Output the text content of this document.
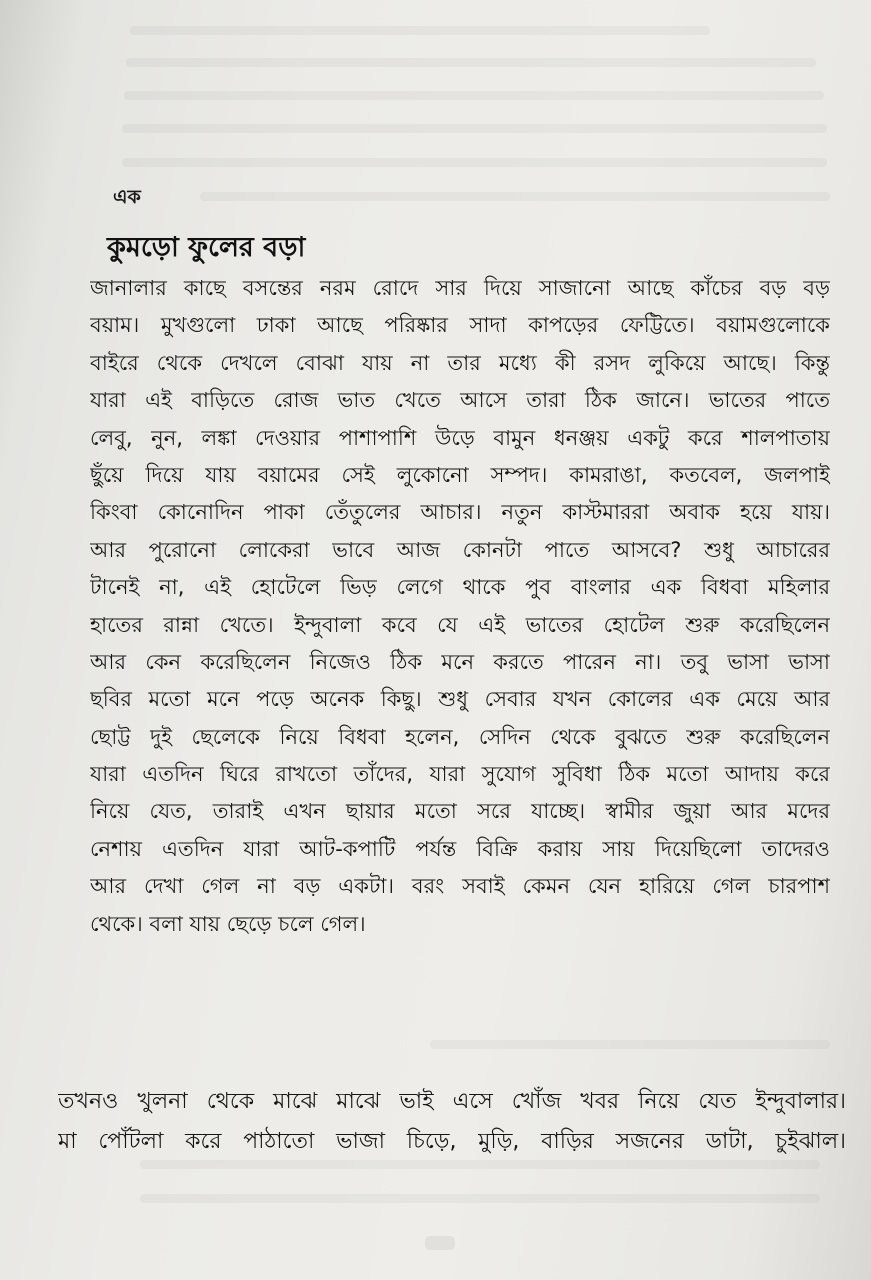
এক
কুমড়ো ফুলের বড়া
জানালার কাছে বসন্তের নরম রোদে সার দিয়ে সাজানো আছে কাঁচের বড় বড়
বয়াম। মুখগুলো ঢাকা আছে পরিষ্কার সাদা কাপড়ের ফেট্টিতে। বয়ামগুলোকে
বাইরে থেকে দেখলে বোঝা যায় না তার মধ্যে কী রসদ লুকিয়ে আছে। কিন্তু
যারা এই বাড়িতে রোজ ভাত খেতে আসে তারা ঠিক জানে। ভাতের পাতে
লেবু, নুন, লঙ্কা দেওয়ার পাশাপাশি উড়ে বামুন ধনঞ্জয় একটু করে শালপাতায়
ছুঁয়ে দিয়ে যায় বয়ামের সেই লুকোনো সম্পদ। কামরাঙা, কতবেল, জলপাই
কিংবা কোনোদিন পাকা তেঁতুলের আচার। নতুন কাস্টমাররা অবাক হয়ে যায়।
আর পুরোনো লোকেরা ভাবে আজ কোনটা পাতে আসবে? শুধু আচারের
টানেই না, এই হোটেলে ভিড় লেগে থাকে পুব বাংলার এক বিধবা মহিলার
হাতের রান্না খেতে। ইন্দুবালা কবে যে এই ভাতের হোটেল শুরু করেছিলেন
আর কেন করেছিলেন নিজেও ঠিক মনে করতে পারেন না। তবু ভাসা ভাসা
ছবির মতো মনে পড়ে অনেক কিছু। শুধু সেবার যখন কোলের এক মেয়ে আর
ছোট্ট দুই ছেলেকে নিয়ে বিধবা হলেন, সেদিন থেকে বুঝতে শুরু করেছিলেন
যারা এতদিন ঘিরে রাখতো তাঁদের, যারা সুযোগ সুবিধা ঠিক মতো আদায় করে
নিয়ে যেত, তারাই এখন ছায়ার মতো সরে যাচ্ছে। স্বামীর জুয়া আর মদের
নেশায় এতদিন যারা আট-কপাটি পর্যন্ত বিক্রি করায় সায় দিয়েছিলো তাদেরও
আর দেখা গেল না বড় একটা। বরং সবাই কেমন যেন হারিয়ে গেল চারপাশ
থেকে। বলা যায় ছেড়ে চলে গেল।
তখনও খুলনা থেকে মাঝে মাঝে ভাই এসে খোঁজ খবর নিয়ে যেত ইন্দুবালার।
মা পোঁটলা করে পাঠাতো ভাজা চিড়ে, মুড়ি, বাড়ির সজনের ডাটা, চুইঝাল।
